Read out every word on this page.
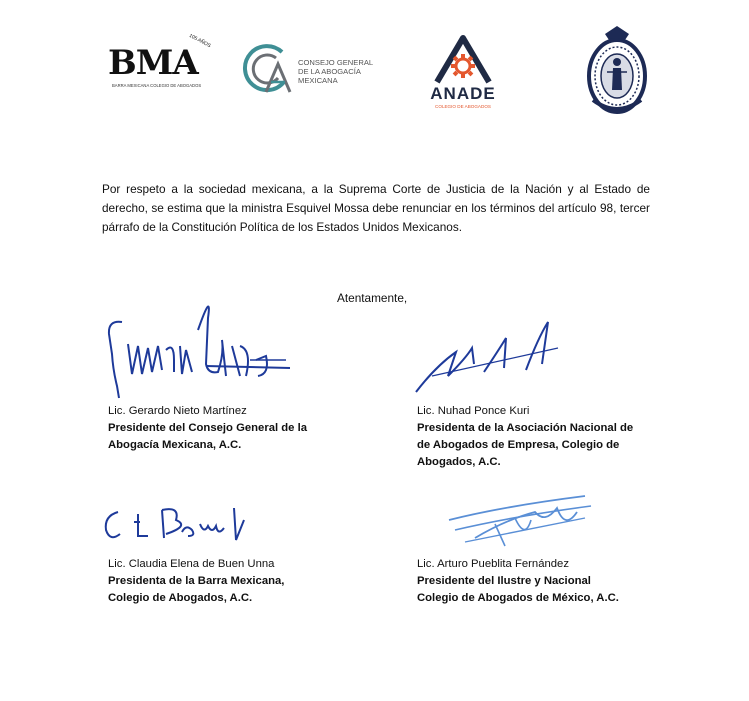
BMA
105 AÑOS
BARRA MEXICANA COLEGIO DE ABOGADOS
CONSEJO GENERAL
DE LA ABOGACÍA
MEXICANA
ANADE
COLEGIO DE ABOGADOS
Por respeto a la sociedad mexicana, a la Suprema Corte de Justicia de la Nación y al Estado de derecho, se estima que la ministra Esquivel Mossa debe renunciar en los términos del artículo 98, tercer párrafo de la Constitución Política de los Estados Unidos Mexicanos.
Atentamente,
Lic. Gerardo Nieto Martínez
Presidente del Consejo General de la
Abogacía Mexicana, A.C.
Lic. Nuhad Ponce Kuri
Presidenta de la Asociación Nacional de
de Abogados de Empresa, Colegio de
Abogados, A.C.
Lic. Claudia Elena de Buen Unna
Presidenta de la Barra Mexicana,
Colegio de Abogados, A.C.
Lic. Arturo Pueblita Fernández
Presidente del Ilustre y Nacional
Colegio de Abogados de México, A.C.
